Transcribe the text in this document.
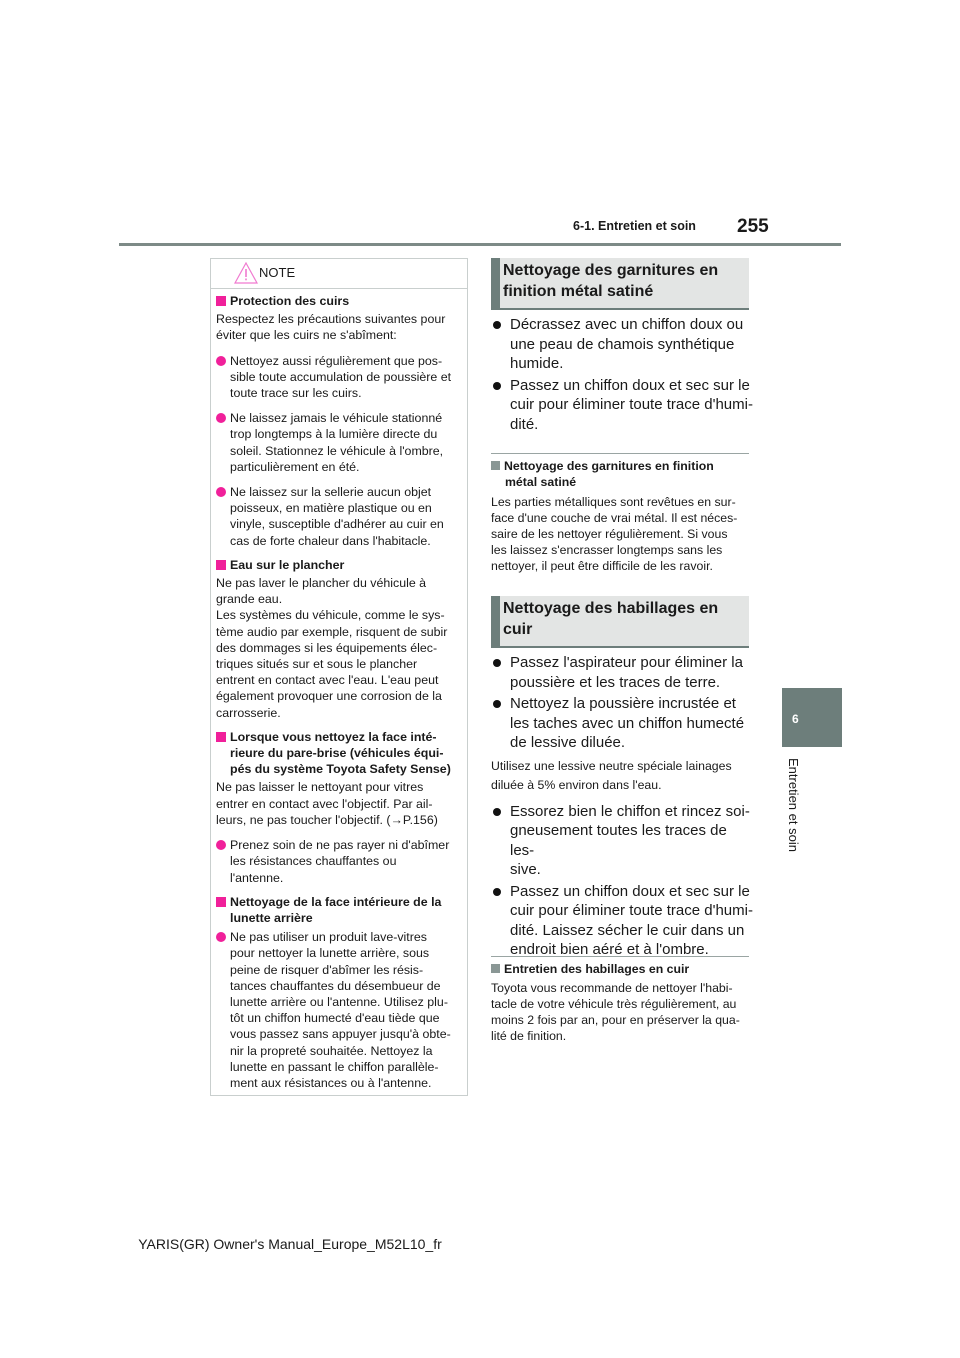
6-1. Entretien et soin 255
6
Entretien et soin
NOTE
Protection des cuirs
Respectez les précautions suivantes pour
éviter que les cuirs ne s'abîment:
Nettoyez aussi régulièrement que pos-
sible toute accumulation de poussière et
toute trace sur les cuirs.
Ne laissez jamais le véhicule stationné
trop longtemps à la lumière directe du
soleil. Stationnez le véhicule à l'ombre,
particulièrement en été.
Ne laissez sur la sellerie aucun objet
poisseux, en matière plastique ou en
vinyle, susceptible d'adhérer au cuir en
cas de forte chaleur dans l'habitacle.
Eau sur le plancher
Ne pas laver le plancher du véhicule à
grande eau.
Les systèmes du véhicule, comme le sys-
tème audio par exemple, risquent de subir
des dommages si les équipements élec-
triques situés sur et sous le plancher
entrent en contact avec l'eau. L'eau peut
également provoquer une corrosion de la
carrosserie.
Lorsque vous nettoyez la face inté-
rieure du pare-brise (véhicules équi-
pés du système Toyota Safety Sense)
Ne pas laisser le nettoyant pour vitres
entrer en contact avec l'objectif. Par ail-
leurs, ne pas toucher l'objectif. (→P.156)
Prenez soin de ne pas rayer ni d'abîmer
les résistances chauffantes ou
l'antenne.
Nettoyage de la face intérieure de la
lunette arrière
Ne pas utiliser un produit lave-vitres
pour nettoyer la lunette arrière, sous
peine de risquer d'abîmer les résis-
tances chauffantes du désembueur de
lunette arrière ou l'antenne. Utilisez plu-
tôt un chiffon humecté d'eau tiède que
vous passez sans appuyer jusqu'à obte-
nir la propreté souhaitée. Nettoyez la
lunette en passant le chiffon parallèle-
ment aux résistances ou à l'antenne.
Nettoyage des garnitures en
finition métal satiné
Décrassez avec un chiffon doux ou
une peau de chamois synthétique
humide.
Passez un chiffon doux et sec sur le
cuir pour éliminer toute trace d'humi-
dité.
Nettoyage des garnitures en finition
métal satiné
Les parties métalliques sont revêtues en sur-
face d'une couche de vrai métal. Il est néces-
saire de les nettoyer régulièrement. Si vous
les laissez s'encrasser longtemps sans les
nettoyer, il peut être difficile de les ravoir.
Nettoyage des habillages en
cuir
Passez l'aspirateur pour éliminer la
poussière et les traces de terre.
Nettoyez la poussière incrustée et
les taches avec un chiffon humecté
de lessive diluée.
Utilisez une lessive neutre spéciale lainages
diluée à 5% environ dans l'eau.
Essorez bien le chiffon et rincez soi-
gneusement toutes les traces de les-
sive.
Passez un chiffon doux et sec sur le
cuir pour éliminer toute trace d'humi-
dité. Laissez sécher le cuir dans un
endroit bien aéré et à l'ombre.
Entretien des habillages en cuir
Toyota vous recommande de nettoyer l'habi-
tacle de votre véhicule très régulièrement, au
moins 2 fois par an, pour en préserver la qua-
lité de finition.
YARIS(GR) Owner's Manual_Europe_M52L10_fr
